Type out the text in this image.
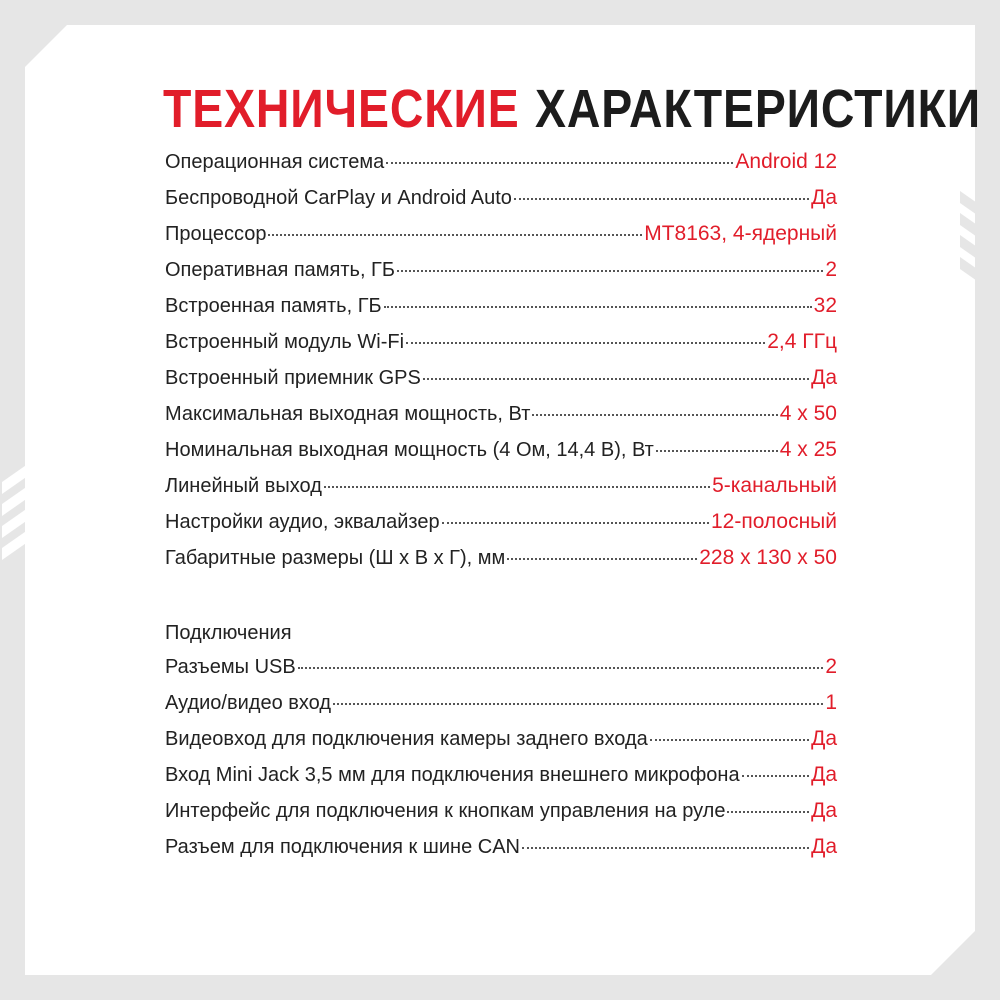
ТЕХНИЧЕСКИЕ ХАРАКТЕРИСТИКИ
Операционная система	Android 12
Беспроводной CarPlay и Android Auto	Да
Процессор	MT8163, 4-ядерный
Оперативная память, ГБ	2
Встроенная память, ГБ	32
Встроенный модуль Wi-Fi	2,4 ГГц
Встроенный приемник GPS	Да
Максимальная выходная мощность, Вт	4 х 50
Номинальная выходная мощность (4 Ом, 14,4 В), Вт	4 х 25
Линейный выход	5-канальный
Настройки аудио, эквалайзер	12-полосный
Габаритные размеры (Ш х В х Г), мм	228 х 130 х 50
Подключения
Разъемы USB	2
Аудио/видео вход	1
Видеовход для подключения камеры заднего входа	Да
Вход Mini Jack 3,5 мм для подключения внешнего микрофона	Да
Интерфейс для подключения к кнопкам управления на руле	Да
Разъем для подключения к шине CAN	Да
